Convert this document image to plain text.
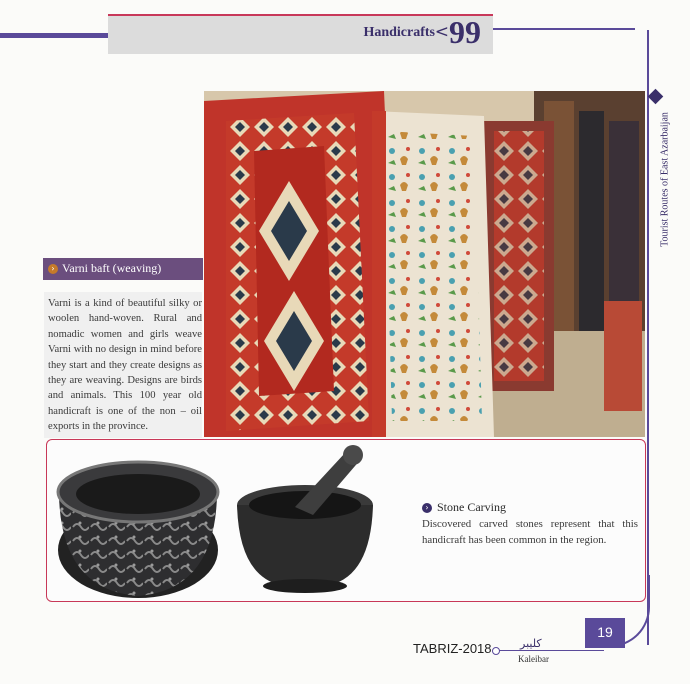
Handicrafts < 99
Tourist Routes of East Azarbaijan
› Varni baft (weaving)
Varni is a kind of beautiful silky or woolen hand-woven. Rural and nomadic women and girls weave Varni with no design in mind before they start and they create designs as they are weaving. Designs are birds and animals. This 100 year old handicraft is one of the non – oil exports in the province.
› Stone Carving
Discovered carved stones represent that this handicraft has been common in the region.
TABRIZ-2018	کلیبر
Kaleibar
19
